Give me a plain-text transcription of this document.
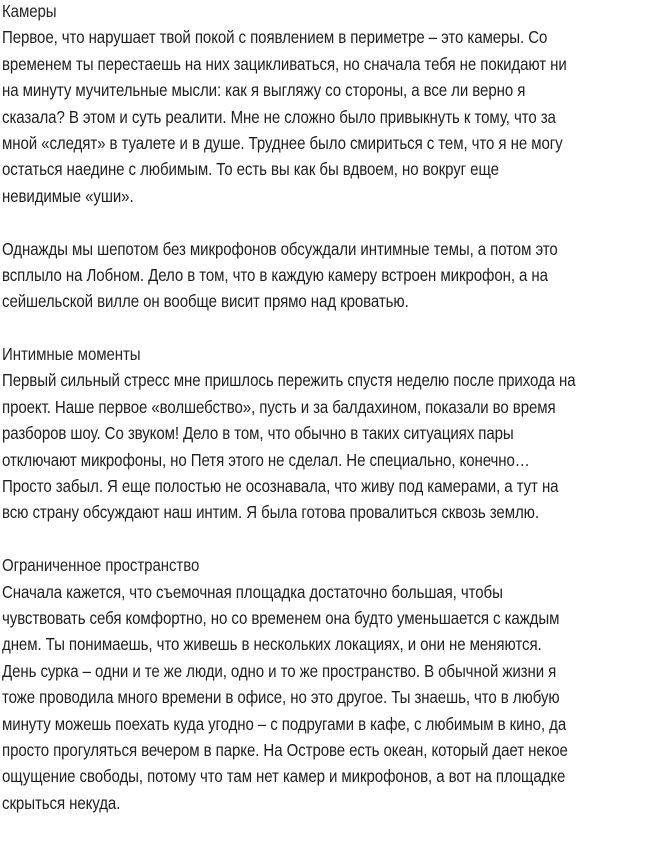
Камеры
Первое, что нарушает твой покой с появлением в периметре – это камеры. Со
временем ты перестаешь на них зацикливаться, но сначала тебя не покидают ни
на минуту мучительные мысли: как я выгляжу со стороны, а все ли верно я
сказала? В этом и суть реалити. Мне не сложно было привыкнуть к тому, что за
мной «следят» в туалете и в душе. Труднее было смириться с тем, что я не могу
остаться наедине с любимым. То есть вы как бы вдвоем, но вокруг еще
невидимые «уши».
Однажды мы шепотом без микрофонов обсуждали интимные темы, а потом это
всплыло на Лобном. Дело в том, что в каждую камеру встроен микрофон, а на
сейшельской вилле он вообще висит прямо над кроватью.
Интимные моменты
Первый сильный стресс мне пришлось пережить спустя неделю после прихода на
проект. Наше первое «волшебство», пусть и за балдахином, показали во время
разборов шоу. Со звуком! Дело в том, что обычно в таких ситуациях пары
отключают микрофоны, но Петя этого не сделал. Не специально, конечно…
Просто забыл. Я еще полостью не осознавала, что живу под камерами, а тут на
всю страну обсуждают наш интим. Я была готова провалиться сквозь землю.
Ограниченное пространство
Сначала кажется, что съемочная площадка достаточно большая, чтобы
чувствовать себя комфортно, но со временем она будто уменьшается с каждым
днем. Ты понимаешь, что живешь в нескольких локациях, и они не меняются.
День сурка – одни и те же люди, одно и то же пространство. В обычной жизни я
тоже проводила много времени в офисе, но это другое. Ты знаешь, что в любую
минуту можешь поехать куда угодно – с подругами в кафе, с любимым в кино, да
просто прогуляться вечером в парке. На Острове есть океан, который дает некое
ощущение свободы, потому что там нет камер и микрофонов, а вот на площадке
скрыться некуда.
